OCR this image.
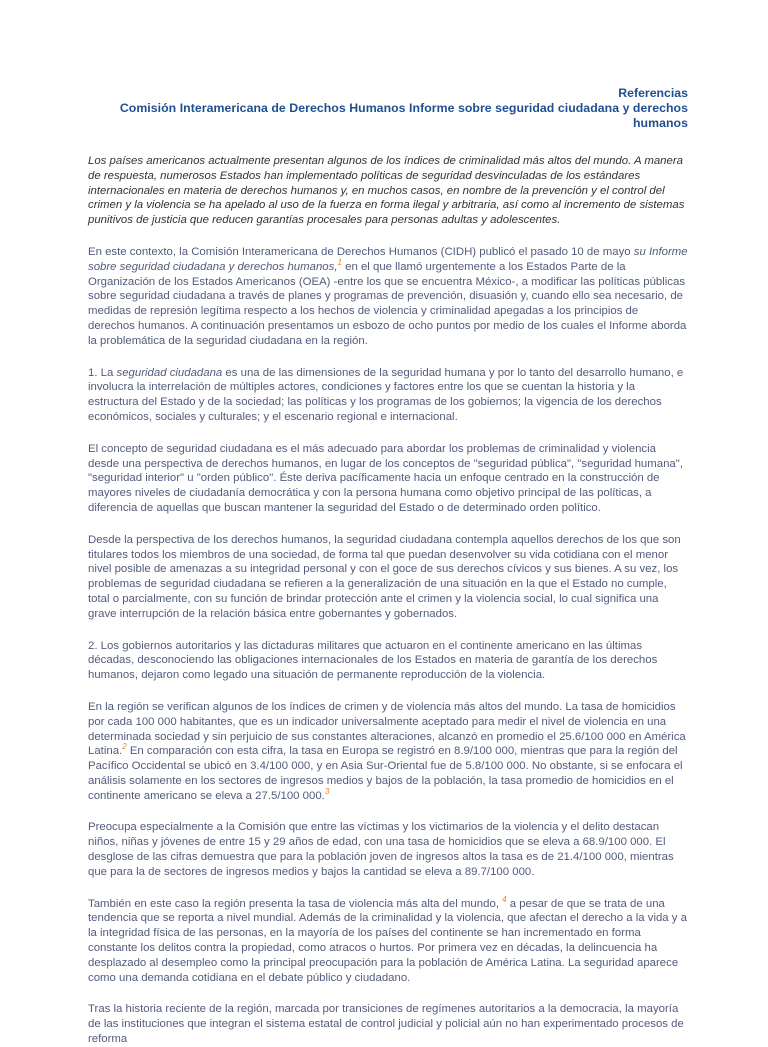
Referencias
Comisión Interamericana de Derechos Humanos Informe sobre seguridad ciudadana y derechos humanos
Los países americanos actualmente presentan algunos de los índices de criminalidad más altos del mundo. A manera de respuesta, numerosos Estados han implementado políticas de seguridad desvinculadas de los estándares internacionales en materia de derechos humanos y, en muchos casos, en nombre de la prevención y el control del crimen y la violencia se ha apelado al uso de la fuerza en forma ilegal y arbitraria, así como al incremento de sistemas punitivos de justicia que reducen garantías procesales para personas adultas y adolescentes.

En este contexto, la Comisión Interamericana de Derechos Humanos (CIDH) publicó el pasado 10 de mayo su Informe sobre seguridad ciudadana y derechos humanos,$^1$ en el que llamó urgentemente a los Estados Parte de la Organización de los Estados Americanos (OEA) -entre los que se encuentra México-, a modificar las políticas públicas sobre seguridad ciudadana a través de planes y programas de prevención, disuasión y, cuando ello sea necesario, de medidas de represión legítima respecto a los hechos de violencia y criminalidad apegadas a los principios de derechos humanos. A continuación presentamos un esbozo de ocho puntos por medio de los cuales el Informe aborda la problemática de la seguridad ciudadana en la región.

1. La seguridad ciudadana es una de las dimensiones de la seguridad humana y por lo tanto del desarrollo humano, e involucra la interrelación de múltiples actores, condiciones y factores entre los que se cuentan la historia y la estructura del Estado y de la sociedad; las políticas y los programas de los gobiernos; la vigencia de los derechos económicos, sociales y culturales; y el escenario regional e internacional.

El concepto de seguridad ciudadana es el más adecuado para abordar los problemas de criminalidad y violencia desde una perspectiva de derechos humanos, en lugar de los conceptos de "seguridad pública", "seguridad humana", "seguridad interior" u "orden público". Éste deriva pacíficamente hacia un enfoque centrado en la construcción de mayores niveles de ciudadanía democrática y con la persona humana como objetivo principal de las políticas, a diferencia de aquellas que buscan mantener la seguridad del Estado o de determinado orden político.

Desde la perspectiva de los derechos humanos, la seguridad ciudadana contempla aquellos derechos de los que son titulares todos los miembros de una sociedad, de forma tal que puedan desenvolver su vida cotidiana con el menor nivel posible de amenazas a su integridad personal y con el goce de sus derechos cívicos y sus bienes. A su vez, los problemas de seguridad ciudadana se refieren a la generalización de una situación en la que el Estado no cumple, total o parcialmente, con su función de brindar protección ante el crimen y la violencia social, lo cual significa una grave interrupción de la relación básica entre gobernantes y gobernados.

2. Los gobiernos autoritarios y las dictaduras militares que actuaron en el continente americano en las últimas décadas, desconociendo las obligaciones internacionales de los Estados en materia de garantía de los derechos humanos, dejaron como legado una situación de permanente reproducción de la violencia.

En la región se verifican algunos de los índices de crimen y de violencia más altos del mundo. La tasa de homicidios por cada 100 000 habitantes, que es un indicador universalmente aceptado para medir el nivel de violencia en una determinada sociedad y sin perjuicio de sus constantes alteraciones, alcanzó en promedio el 25.6/100 000 en América Latina.$^2$ En comparación con esta cifra, la tasa en Europa se registró en 8.9/100 000, mientras que para la región del Pacífico Occidental se ubicó en 3.4/100 000, y en Asia Sur-Oriental fue de 5.8/100 000. No obstante, si se enfocara el análisis solamente en los sectores de ingresos medios y bajos de la población, la tasa promedio de homicidios en el continente americano se eleva a 27.5/100 000.$^3$

Preocupa especialmente a la Comisión que entre las víctimas y los victimarios de la violencia y el delito destacan niños, niñas y jóvenes de entre 15 y 29 años de edad, con una tasa de homicidios que se eleva a 68.9/100 000. El desglose de las cifras demuestra que para la población joven de ingresos altos la tasa es de 21.4/100 000, mientras que para la de sectores de ingresos medios y bajos la cantidad se eleva a 89.7/100 000.

También en este caso la región presenta la tasa de violencia más alta del mundo, $^4$ a pesar de que se trata de una tendencia que se reporta a nivel mundial. Además de la criminalidad y la violencia, que afectan el derecho a la vida y a la integridad física de las personas, en la mayoría de los países del continente se han incrementado en forma constante los delitos contra la propiedad, como atracos o hurtos. Por primera vez en décadas, la delincuencia ha desplazado al desempleo como la principal preocupación para la población de América Latina. La seguridad aparece como una demanda cotidiana en el debate público y ciudadano.

Tras la historia reciente de la región, marcada por transiciones de regímenes autoritarios a la democracia, la mayoría de las instituciones que integran el sistema estatal de control judicial y policial aún no han experimentado procesos de reforma
